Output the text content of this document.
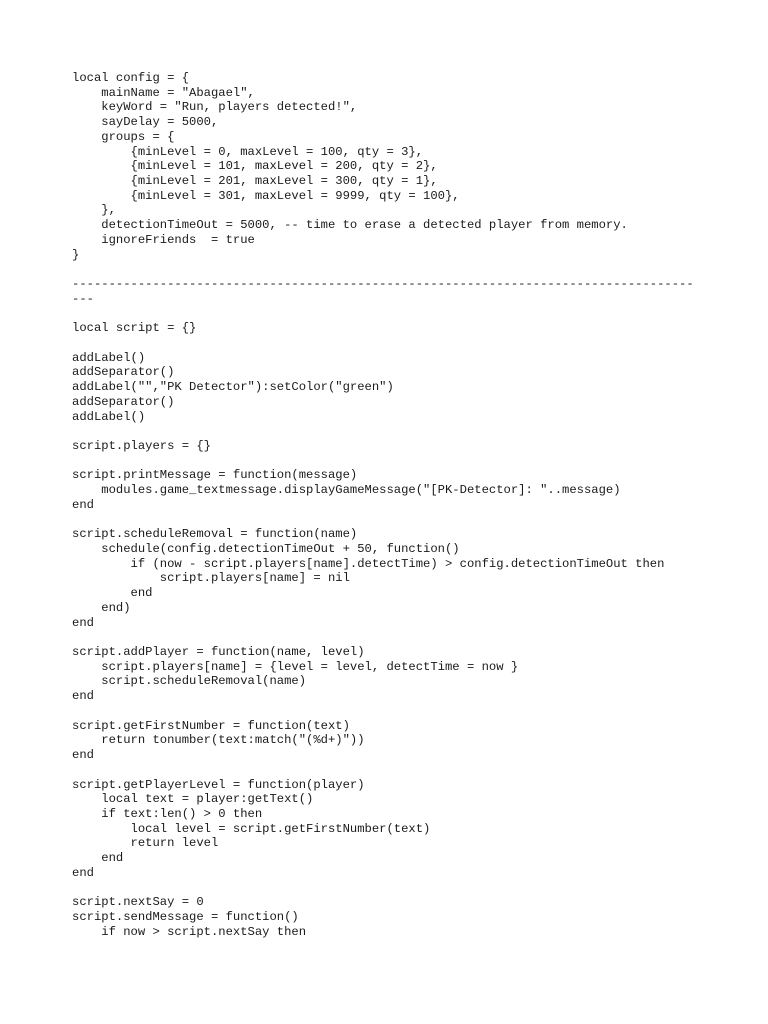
local config = {
mainName = "Abagael",
keyWord = "Run, players detected!",
sayDelay = 5000,
groups = {
{minLevel = 0, maxLevel = 100, qty = 3},
{minLevel = 101, maxLevel = 200, qty = 2},
{minLevel = 201, maxLevel = 300, qty = 1},
{minLevel = 301, maxLevel = 9999, qty = 100},
},
detectionTimeOut = 5000, -- time to erase a detected player from memory.
ignoreFriends  = true
}
-------------------------------------------------------------------------------------
---
local script = {}
addLabel()
addSeparator()
addLabel("","PK Detector"):setColor("green")
addSeparator()
addLabel()
script.players = {}
script.printMessage = function(message)
modules.game_textmessage.displayGameMessage("[PK-Detector]: "..message)
end
script.scheduleRemoval = function(name)
schedule(config.detectionTimeOut + 50, function()
if (now - script.players[name].detectTime) > config.detectionTimeOut then
script.players[name] = nil
end
end)
end
script.addPlayer = function(name, level)
script.players[name] = {level = level, detectTime = now }
script.scheduleRemoval(name)
end
script.getFirstNumber = function(text)
return tonumber(text:match("(%d+)"))
end
script.getPlayerLevel = function(player)
local text = player:getText()
if text:len() > 0 then
local level = script.getFirstNumber(text)
return level
end
end
script.nextSay = 0
script.sendMessage = function()
if now > script.nextSay then
